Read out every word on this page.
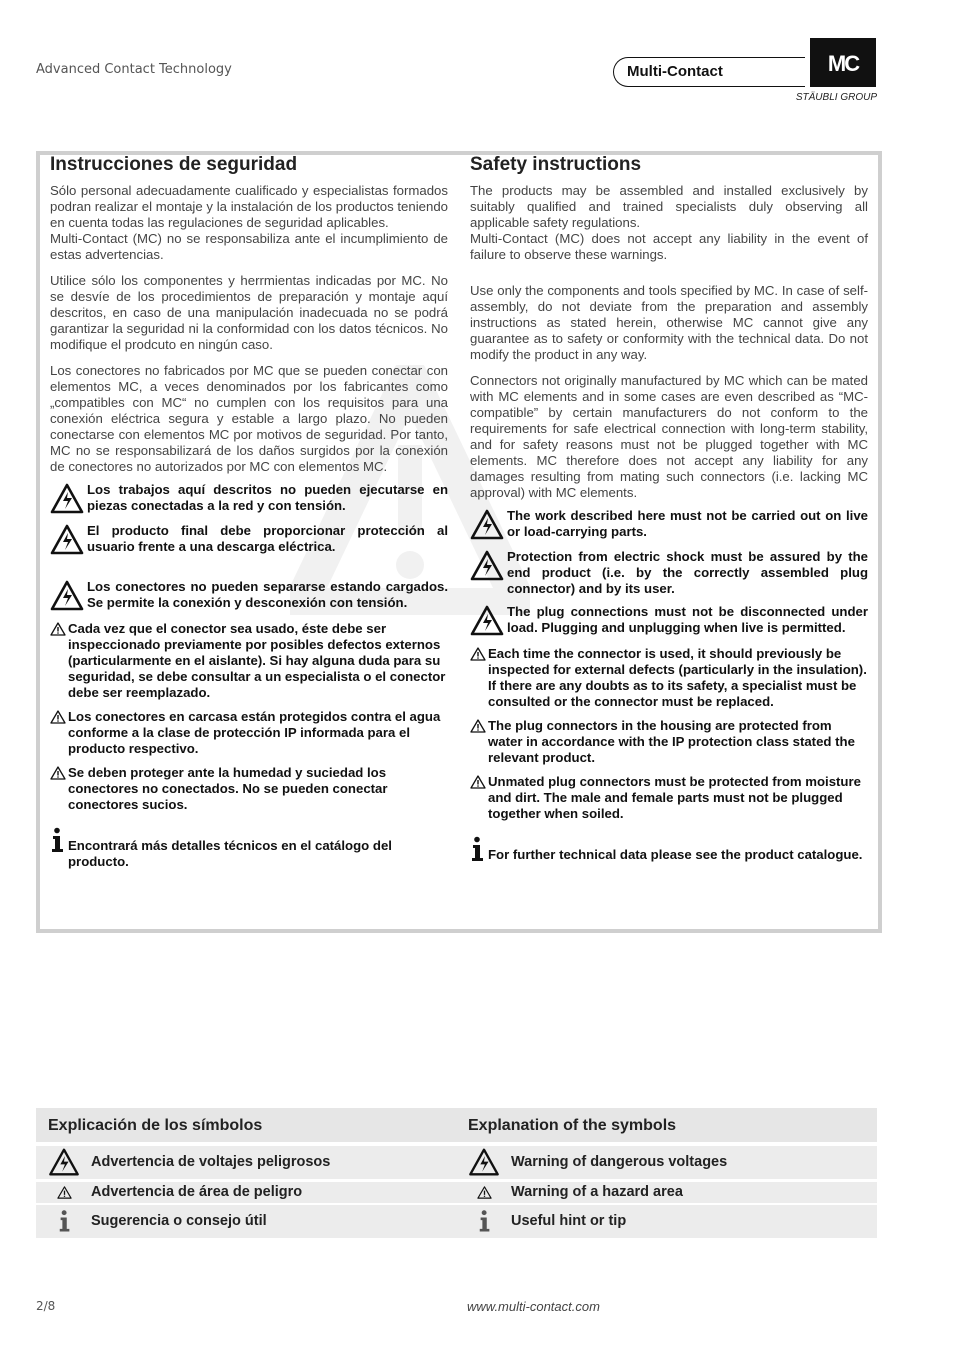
Advanced Contact Technology	Multi-Contact	MC
STÄUBLI GROUP
Instrucciones de seguridad

Sólo personal adecuadamente cualificado y especialistas formados podran realizar el montaje y la instalación de los productos teniendo en cuenta todas las regulaciones de seguridad aplicables.

Multi-Contact (MC) no se responsabiliza ante el incumplimiento de estas advertencias.

Utilice sólo los componentes y herrmientas indicadas por MC. No se desvíe de los procedimientos de preparación y montaje aquí descritos, en caso de una manipulación inadecuada no se podrá garantizar la seguridad ni la conformidad con los datos técnicos. No modifique el prodcuto en ningún caso.

Los conectores no fabricados por MC que se pueden conectar con elementos MC, a veces denominados por los fabricantes como „compatibles con MC“ no cumplen con los requisitos para una conexión eléctrica segura y estable a largo plazo. No pueden conectarse con elementos MC por motivos de seguridad. Por tanto, MC no se responsabilizará de los daños surgidos por la conexión de conectores no autorizados por MC con elementos MC.

Los trabajos aquí descritos no pueden ejecutarse en piezas conectadas a la red y con tensión.
El producto final debe proporcionar protección al usuario frente a una descarga eléctrica.
Los conectores no pueden separarse estando cargados. Se permite la conexión y desconexión con tensión.
Cada vez que el conector sea usado, éste debe ser inspeccionado previamente por posibles defectos externos (particularmente en el aislante). Si hay alguna duda para su seguridad, se debe consultar a un especialista o el conector debe ser reemplazado.
Los conectores en carcasa están protegidos contra el agua conforme a la clase de protección IP informada para el producto respectivo.
Se deben proteger ante la humedad y suciedad los conectores no conectados. No se pueden conectar conectores sucios.
Encontrará más detalles técnicos en el catálogo del producto.
Safety instructions

The products may be assembled and installed exclusively by suitably qualified and trained specialists duly observing all applicable safety regulations.

Multi-Contact (MC) does not accept any liability in the event of failure to observe these warnings.

Use only the components and tools specified by MC. In case of self-assembly, do not deviate from the preparation and assembly instructions as stated herein, otherwise MC cannot give any guarantee as to safety or conformity with the technical data. Do not modify the product in any way.

Connectors not originally manufactured by MC which can be mated with MC elements and in some cases are even described as “MC-compatible” by certain manufacturers do not conform to the requirements for safe electrical connection with long-term stability, and for safety reasons must not be plugged together with MC elements. MC therefore does not accept any liability for any damages resulting from mating such connectors (i.e. lacking MC approval) with MC elements.

The work described here must not be carried out on live or load-carrying parts.
Protection from electric shock must be assured by the end product (i.e. by the correctly assembled plug connector) and by its user.
The plug connections must not be disconnected under load. Plugging and unplugging when live is permitted.
Each time the connector is used, it should previously be inspected for external defects (particularly in the insulation). If there are any doubts as to its safety, a specialist must be consulted or the connector must be replaced.
The plug connectors in the housing are protected from water in accordance with the IP protection class stated the relevant product.
Unmated plug connectors must be protected from moisture and dirt. The male and female parts must not be plugged together when soiled.
For further technical data please see the product catalogue.
Explicación de los símbolos	Explanation of the symbols
Advertencia de voltajes peligrosos	Warning of dangerous voltages
Advertencia de área de peligro	Warning of a hazard area
Sugerencia o consejo útil	Useful hint or tip
2/8	www.multi-contact.com
